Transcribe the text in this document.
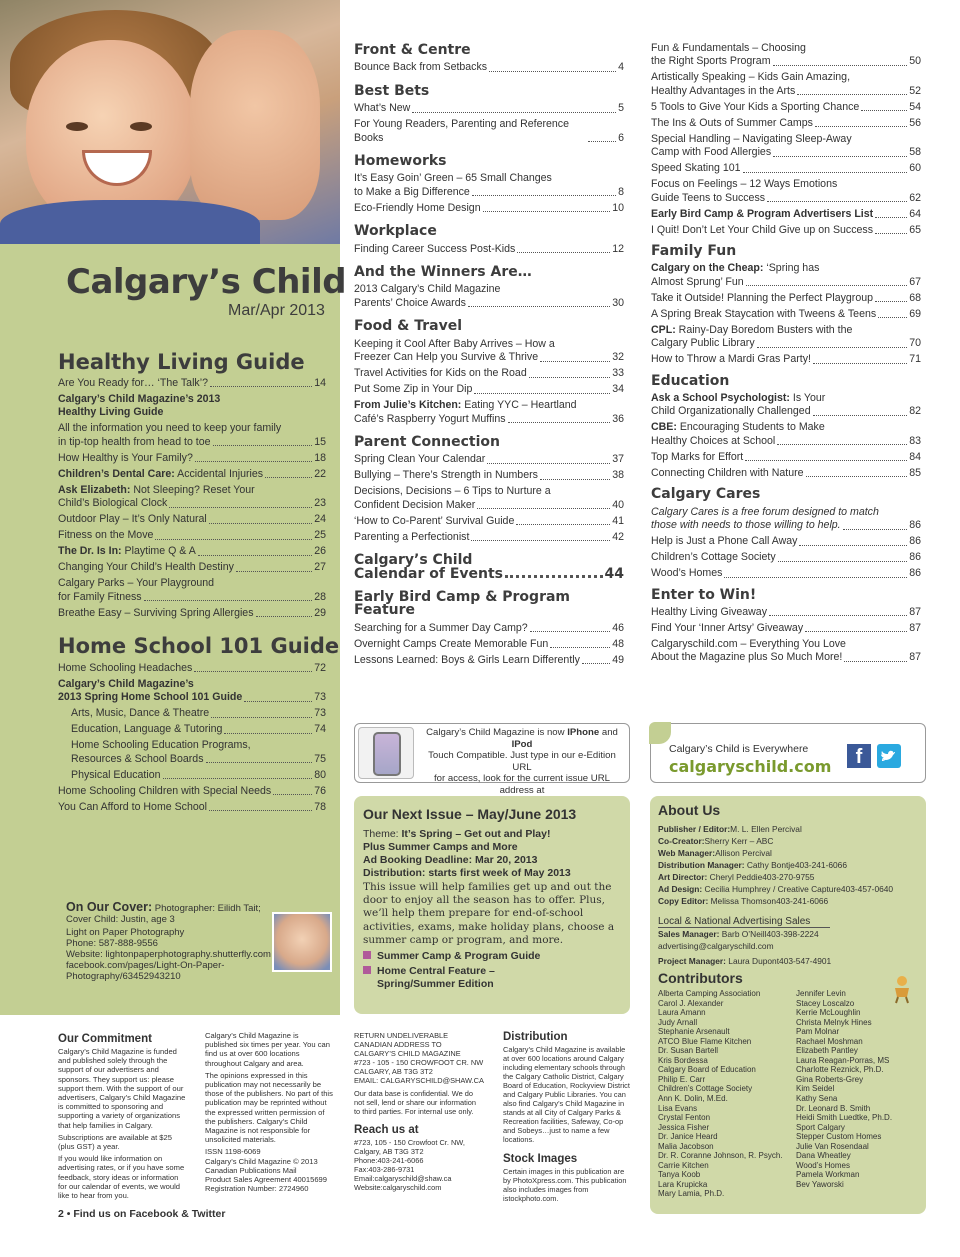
Calgary’s Child
Mar/Apr 2013
Healthy Living Guide
Are You Ready for… ‘The Talk’?	14
Calgary’s Child Magazine’s 2013
Healthy Living Guide
All the information you need to keep your family
in tip-top health from head to toe	15
How Healthy is Your Family?	18
Children’s Dental Care: Accidental Injuries	22
Ask Elizabeth: Not Sleeping? Reset Your
Child’s Biological Clock	23
Outdoor Play – It’s Only Natural	24
Fitness on the Move	25
The Dr. Is In: Playtime Q & A	26
Changing Your Child’s Health Destiny	27
Calgary Parks – Your Playground
for Family Fitness	28
Breathe Easy – Surviving Spring Allergies	29
Home School 101 Guide
Home Schooling Headaches	72
Calgary’s Child Magazine’s
2013 Spring Home School 101 Guide	73
Arts, Music, Dance & Theatre	73
Education, Language & Tutoring	74
Home Schooling Education Programs,
Resources & School Boards	75
Physical Education	80
Home Schooling Children with Special Needs	76
You Can Afford to Home School	78
On Our Cover: Photographer: Eilidh Tait;
Cover Child: Justin, age 3
Light on Paper Photography
Phone: 587-888-9556
Website: lightonpaperphotography.shutterfly.com
facebook.com/pages/Light-On-Paper-
Photography/63452943210
Front & Centre
Bounce Back from Setbacks	4
Best Bets
What’s New	5
For Young Readers, Parenting and Reference Books	6
Homeworks
It’s Easy Goin’ Green – 65 Small Changes
to Make a Big Difference	8
Eco-Friendly Home Design	10
Workplace
Finding Career Success Post-Kids	12
And the Winners Are…
2013 Calgary’s Child Magazine
Parents’ Choice Awards	30
Food & Travel
Keeping it Cool After Baby Arrives – How a
Freezer Can Help you Survive & Thrive	32
Travel Activities for Kids on the Road	33
Put Some Zip in Your Dip	34
From Julie’s Kitchen: Eating YYC – Heartland
Café’s Raspberry Yogurt Muffins	36
Parent Connection
Spring Clean Your Calendar	37
Bullying – There’s Strength in Numbers	38
Decisions, Decisions – 6 Tips to Nurture a
Confident Decision Maker	40
‘How to Co-Parent’ Survival Guide	41
Parenting a Perfectionist	42
Calgary’s Child
Calendar of Events	44
Early Bird Camp & Program Feature
Searching for a Summer Day Camp?	46
Overnight Camps Create Memorable Fun	48
Lessons Learned: Boys & Girls Learn Differently	49
Fun & Fundamentals – Choosing
the Right Sports Program	50
Artistically Speaking – Kids Gain Amazing,
Healthy Advantages in the Arts	52
5 Tools to Give Your Kids a Sporting Chance	54
The Ins & Outs of Summer Camps	56
Special Handling – Navigating Sleep-Away
Camp with Food Allergies	58
Speed Skating 101	60
Focus on Feelings – 12 Ways Emotions
Guide Teens to Success	62
Early Bird Camp & Program Advertisers List	64
I Quit! Don’t Let Your Child Give up on Success	65
Family Fun
Calgary on the Cheap: ‘Spring has
Almost Sprung’ Fun	67
Take it Outside! Planning the Perfect Playgroup	68
A Spring Break Staycation with Tweens & Teens	69
CPL: Rainy-Day Boredom Busters with the
Calgary Public Library	70
How to Throw a Mardi Gras Party!	71
Education
Ask a School Psychologist: Is Your
Child Organizationally Challenged	82
CBE: Encouraging Students to Make
Healthy Choices at School	83
Top Marks for Effort	84
Connecting Children with Nature	85
Calgary Cares
Calgary Cares is a free forum designed to match
those with needs to those willing to help.	86
Help is Just a Phone Call Away	86
Children’s Cottage Society	86
Wood’s Homes	86
Enter to Win!
Healthy Living Giveaway	87
Find Your ‘Inner Artsy’ Giveaway	87
Calgaryschild.com – Everything You Love
About the Magazine plus So Much More!	87
Calgary’s Child Magazine is now IPhone and IPod
Touch Compatible. Just type in our e-Edition URL
for access, look for the current issue URL address at
Calgary’s Child is Everywhere
calgaryschild.com	f
Our Next Issue – May/June 2013
Theme: It’s Spring – Get out and Play!
Plus Summer Camps and More
Ad Booking Deadline: Mar 20, 2013
Distribution: starts first week of May 2013
This issue will help families get up and out the door to enjoy all the season has to offer. Plus, we’ll help them prepare for end-of-school activities, exams, make holiday plans, choose a summer camp or program, and more.
Summer Camp & Program Guide
Home Central Feature –
Spring/Summer Edition
About Us
Publisher / Editor:M. L. Ellen Percival
Co-Creator:Sherry Kerr – ABC
Web Manager:Allison Percival
Distribution Manager: Cathy Bontje403-241-6066
Art Director: Cheryl Peddie403-270-9755
Ad Design: Cecilia Humphrey / Creative Capture403-457-0640
Copy Editor: Melissa Thomson403-241-6066
Local & National Advertising Sales
Sales Manager: Barb O’Neill403-398-2224
advertising@calgaryschild.com
Project Manager: Laura Dupont403-547-4901
Contributors
Alberta Camping Association
Carol J. Alexander
Laura Amann
Judy Arnall
Stephanie Arsenault
ATCO Blue Flame Kitchen
Dr. Susan Bartell
Kris Bordessa
Calgary Board of Education
Philip E. Carr
Children’s Cottage Society
Ann K. Dolin, M.Ed.
Lisa Evans
Crystal Fenton
Jessica Fisher
Dr. Janice Heard
Malia Jacobson
Dr. R. Coranne Johnson, R. Psych.
Carrie Kitchen
Tanya Koob
Lara Krupicka
Mary Lamia, Ph.D.
Jennifer Levin
Stacey Loscalzo
Kerrie McLoughlin
Christa Melnyk Hines
Pam Molnar
Rachael Moshman
Elizabeth Pantley
Laura Reagan-Porras, MS
Charlotte Reznick, Ph.D.
Gina Roberts-Grey
Kim Seidel
Kathy Sena
Dr. Leonard B. Smith
Heidi Smith Luedtke, Ph.D.
Sport Calgary
Stepper Custom Homes
Julie Van Rosendaal
Dana Wheatley
Wood’s Homes
Pamela Workman
Bev Yaworski
Our Commitment
Calgary’s Child Magazine is funded and published solely through the support of our advertisers and sponsors. They support us: please support them. With the support of our advertisers, Calgary’s Child Magazine is committed to sponsoring and supporting a variety of organizations that help families in Calgary.
Subscriptions are available at $25 (plus GST) a year.
If you would like information on advertising rates, or if you have some feedback, story ideas or information for our calendar of events, we would like to hear from you.
Calgary’s Child Magazine is published six times per year. You can find us at over 600 locations throughout Calgary and area.
The opinions expressed in this publication may not necessarily be those of the publishers. No part of this publication may be reprinted without the expressed written permission of the publishers. Calgary’s Child Magazine is not responsible for unsolicited materials.
ISSN 1198-6069
Calgary’s Child Magazine © 2013
Canadian Publications Mail
Product Sales Agreement 40015699
Registration Number: 2724960
RETURN UNDELIVERABLE
CANADIAN ADDRESS TO
CALGARY’S CHILD MAGAZINE
#723 - 105 - 150 CROWFOOT CR. NW
CALGARY, AB T3G 3T2
EMAIL: CALGARYSCHILD@SHAW.CA
Our data base is confidential. We do not sell, lend or share our information to third parties. For internal use only.
Reach us at
#723, 105 - 150 Crowfoot Cr. NW,
Calgary, AB T3G 3T2
Phone:403-241-6066
Fax:403-286-9731
Email:calgaryschild@shaw.ca
Website:calgaryschild.com
Distribution
Calgary’s Child Magazine is available at over 600 locations around Calgary including elementary schools through the Calgary Catholic District, Calgary Board of Education, Rockyview District and Calgary Public Libraries. You can also find Calgary’s Child Magazine in stands at all City of Calgary Parks & Recreation facilities, Safeway, Co-op and Sobeys…just to name a few locations.
Stock Images
Certain images in this publication are by PhotoXpress.com. This publication also includes images from istockphoto.com.
2 • Find us on Facebook & Twitter
